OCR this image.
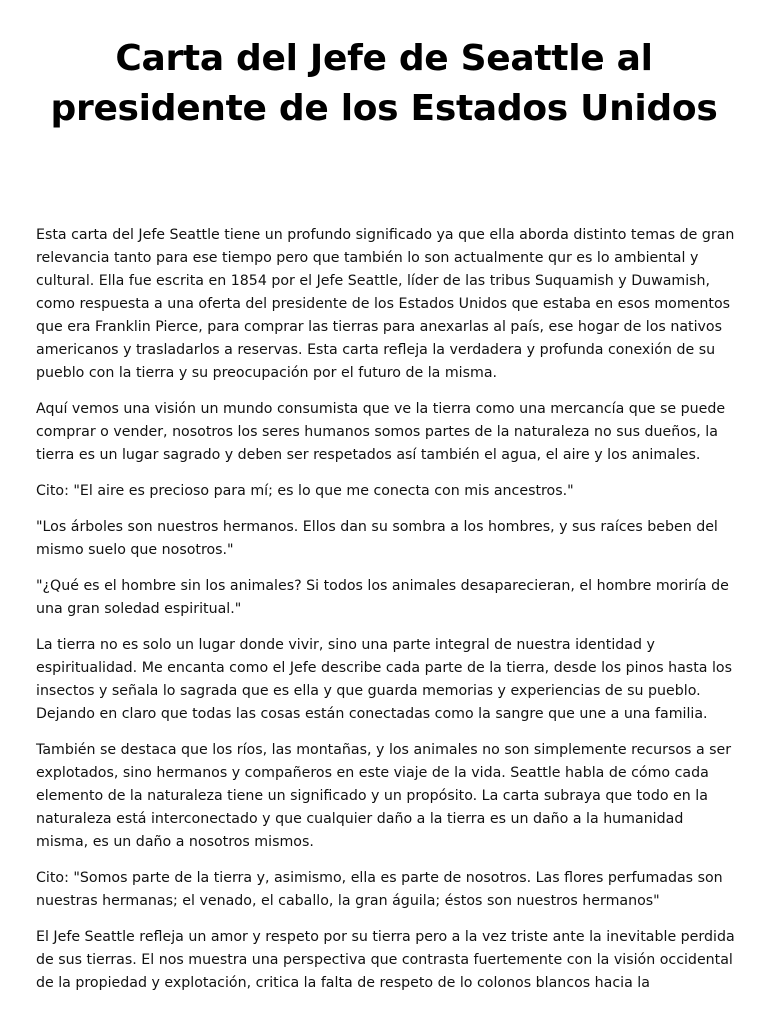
Carta del Jefe de Seattle al presidente de los Estados Unidos

Esta carta del Jefe Seattle tiene un profundo significado ya que ella aborda distinto temas de gran relevancia tanto para ese tiempo pero que también lo son actualmente qur es lo ambiental y cultural. Ella fue escrita en 1854 por el Jefe Seattle, líder de las tribus Suquamish y Duwamish, como respuesta a una oferta del presidente de los Estados Unidos que estaba en esos momentos que era Franklin Pierce, para comprar las tierras para anexarlas al país, ese hogar de los nativos americanos y trasladarlos a reservas. Esta carta refleja la verdadera y profunda conexión de su pueblo con la tierra y su preocupación por el futuro de la misma.

Aquí vemos una visión un mundo consumista que ve la tierra como una mercancía que se puede comprar o vender, nosotros los seres humanos somos partes de la naturaleza no sus dueños, la tierra es un lugar sagrado y deben ser respetados así también el agua, el aire y los animales.

Cito: "El aire es precioso para mí; es lo que me conecta con mis ancestros."

"Los árboles son nuestros hermanos. Ellos dan su sombra a los hombres, y sus raíces beben del mismo suelo que nosotros."

"¿Qué es el hombre sin los animales? Si todos los animales desaparecieran, el hombre moriría de una gran soledad espiritual."

La tierra no es solo un lugar donde vivir, sino una parte integral de nuestra identidad y espiritualidad. Me encanta como el Jefe describe cada parte de la tierra, desde los pinos hasta los insectos y señala lo sagrada que es ella y que guarda memorias y experiencias de su pueblo. Dejando en claro que todas las cosas están conectadas como la sangre que une a una familia.

También se destaca que los ríos, las montañas, y los animales no son simplemente recursos a ser explotados, sino hermanos y compañeros en este viaje de la vida. Seattle habla de cómo cada elemento de la naturaleza tiene un significado y un propósito. La carta subraya que todo en la naturaleza está interconectado y que cualquier daño a la tierra es un daño a la humanidad misma, es un daño a nosotros mismos.

Cito: "Somos parte de la tierra y, asimismo, ella es parte de nosotros. Las flores perfumadas son nuestras hermanas; el venado, el caballo, la gran águila; éstos son nuestros hermanos"

El Jefe Seattle refleja un amor y respeto por su tierra pero a la vez triste ante la inevitable perdida de sus tierras. El nos muestra una perspectiva que contrasta fuertemente con la visión occidental de la propiedad y explotación, critica la falta de respeto de lo colonos blancos hacia la
